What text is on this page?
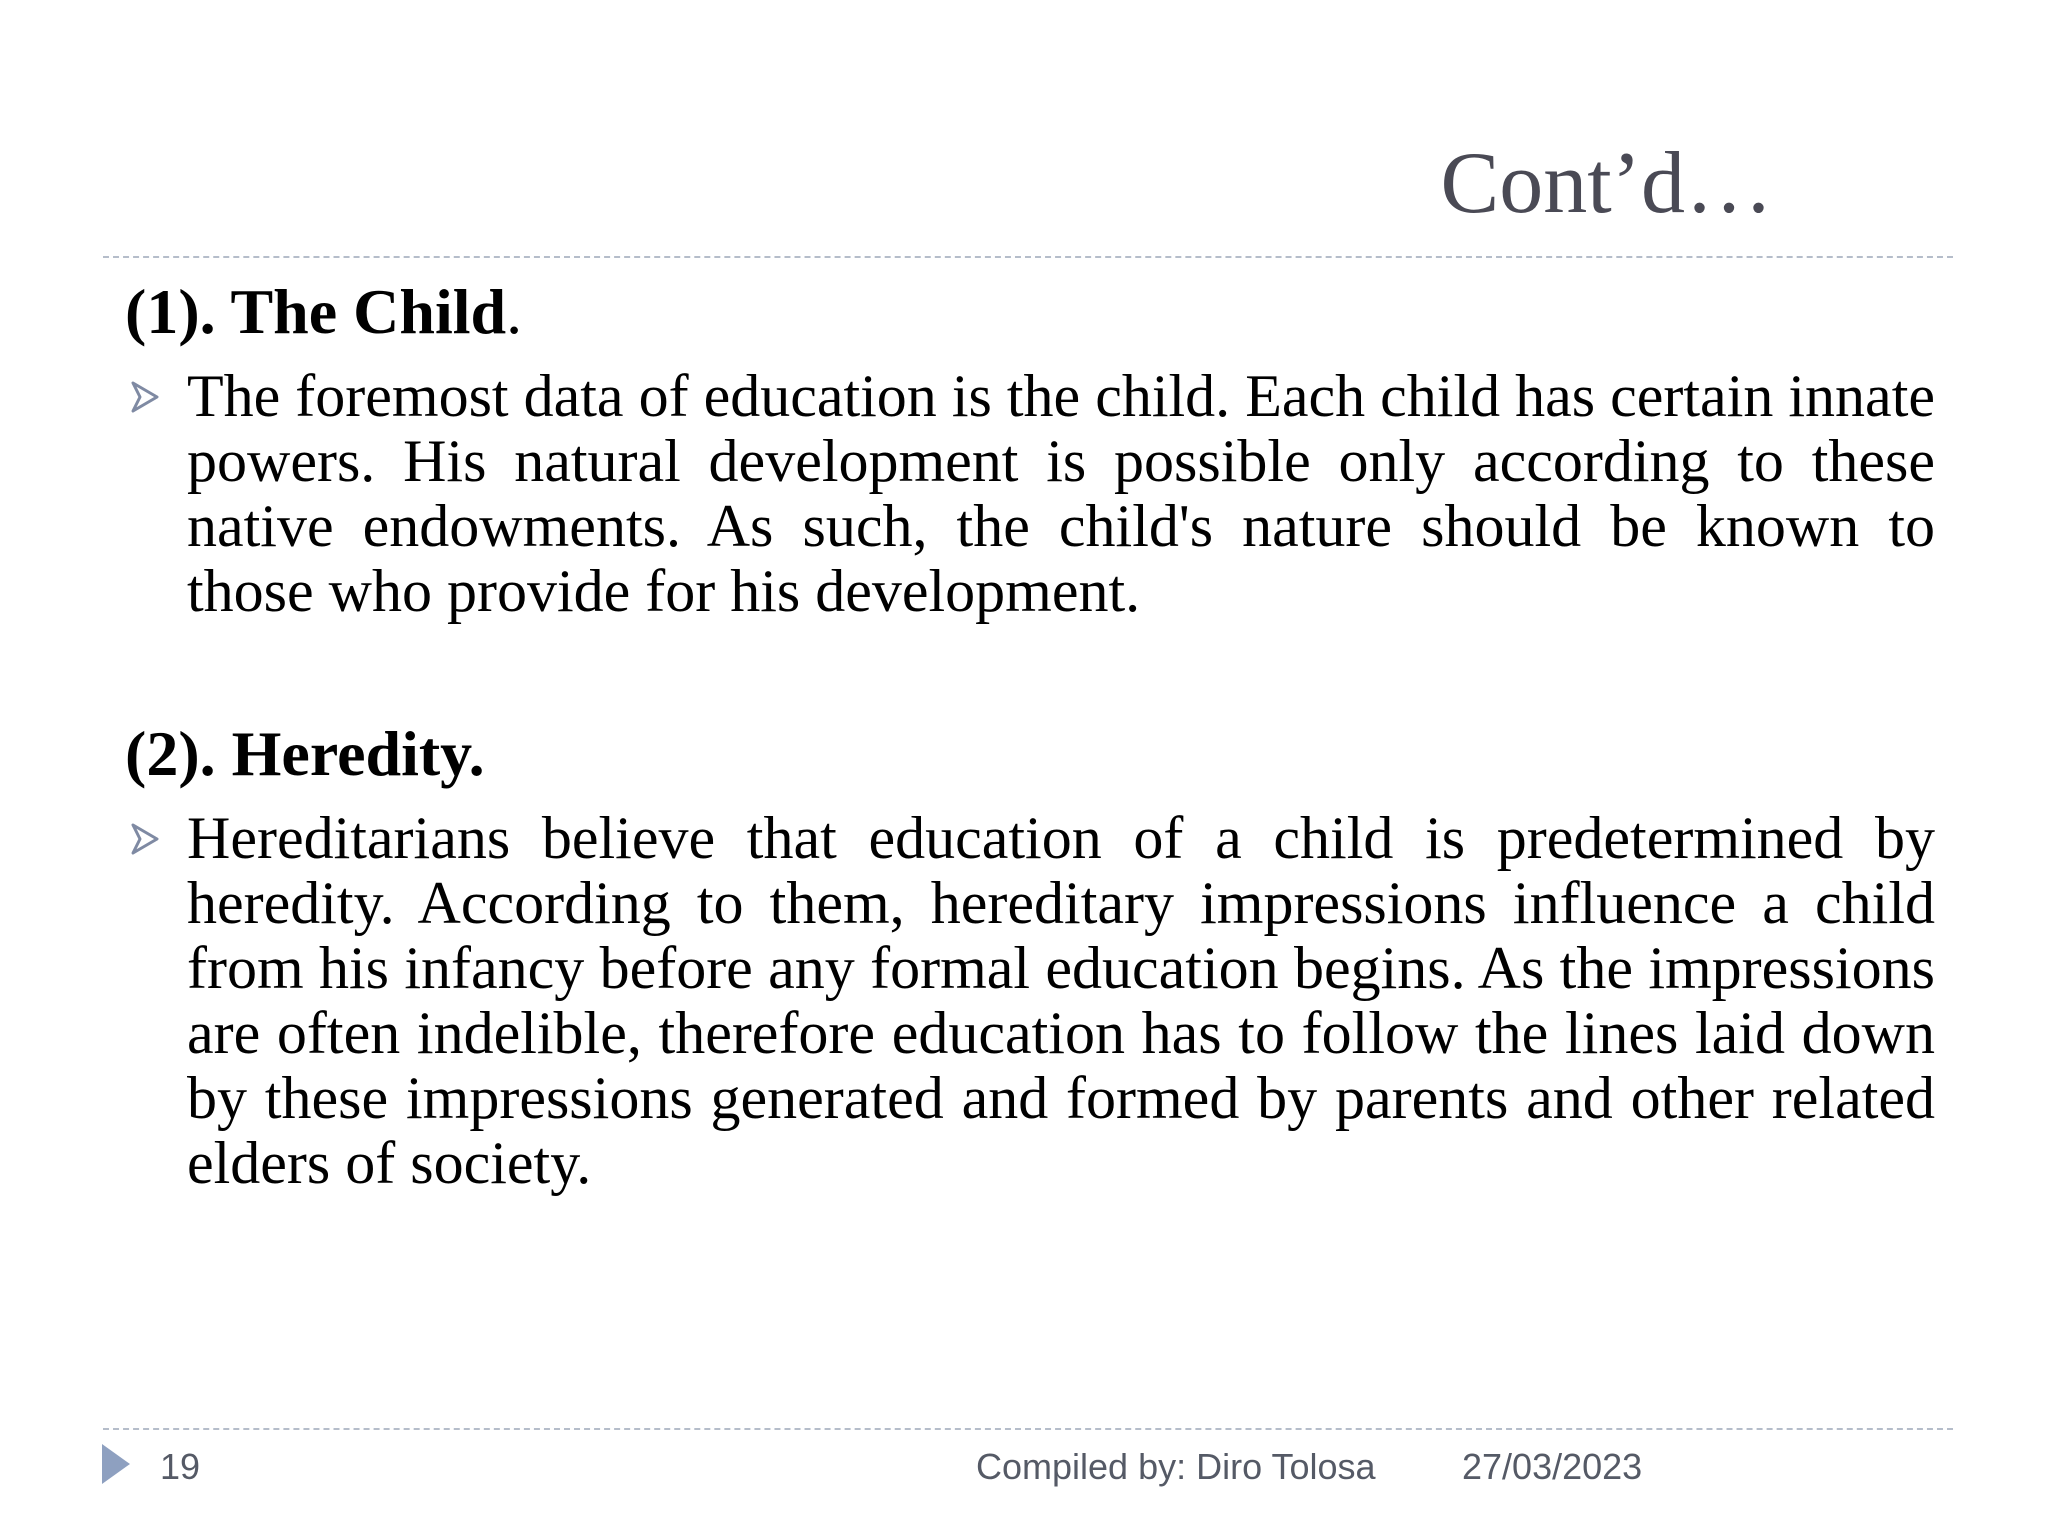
Cont’d…

(1). The Child.

The foremost data of education is the child. Each child has certain innate powers. His natural development is possible only according to these native endowments. As such, the child's nature should be known to those who provide for his development.

(2). Heredity.

Hereditarians believe that education of a child is predetermined by heredity. According to them, hereditary impressions influence a child from his infancy before any formal education begins. As the impressions are often indelible, therefore education has to follow the lines laid down by these impressions generated and formed by parents and other related elders of society.

19	Compiled by: Diro Tolosa 27/03/2023
